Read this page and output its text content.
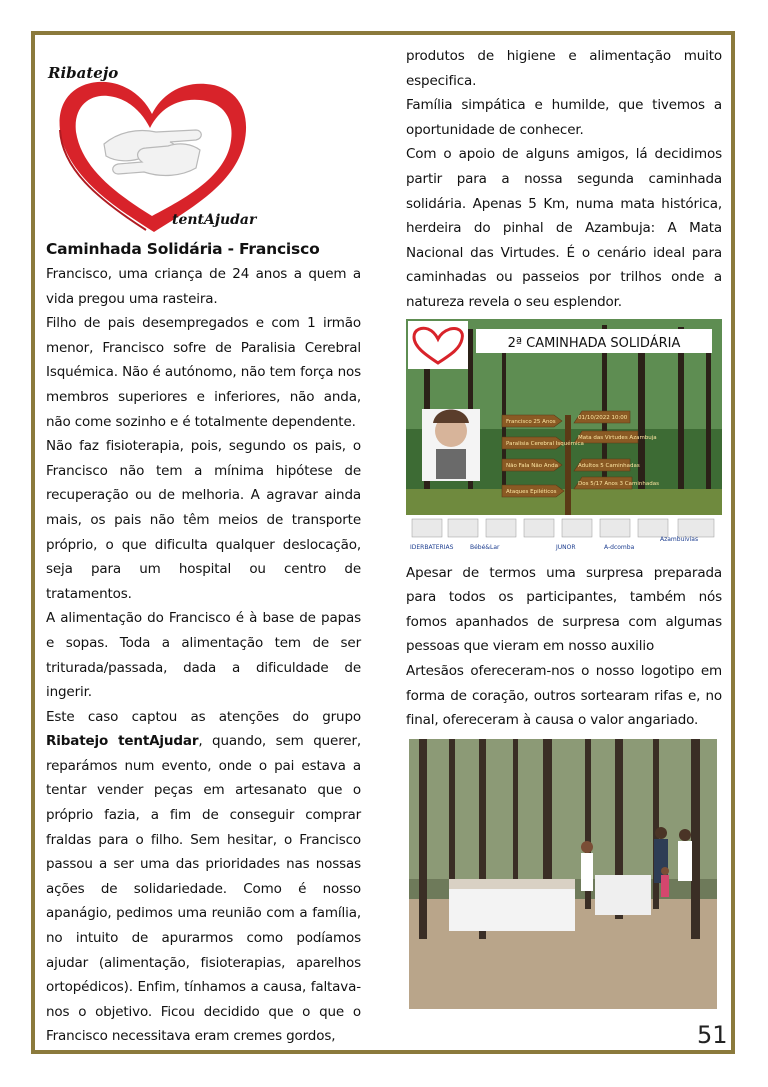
Ribatejo
tentAjudar
Caminhada Solidária - Francisco

Francisco, uma criança de 24 anos a quem a vida pregou uma rasteira.

Filho de pais desempregados e com 1 irmão menor, Francisco sofre de Paralisia Cerebral Isquémica. Não é autónomo, não tem força nos membros superiores e inferiores, não anda, não come sozinho e é totalmente dependente.

Não faz fisioterapia, pois, segundo os pais, o Francisco não tem a mínima hipótese de recuperação ou de melhoria. A agravar ainda mais, os pais não têm meios de transporte próprio, o que dificulta qualquer deslocação, seja para um hospital ou centro de tratamentos.

A alimentação do Francisco é à base de papas e sopas. Toda a alimentação tem de ser triturada/passada, dada a dificuldade de ingerir.

Este caso captou as atenções do grupo Ribatejo tentAjudar, quando, sem querer, reparámos num evento, onde o pai estava a tentar vender peças em artesanato que o próprio fazia, a fim de conseguir comprar fraldas para o filho. Sem hesitar, o Francisco passou a ser uma das prioridades nas nossas ações de solidariedade. Como é nosso apanágio, pedimos uma reunião com a família, no intuito de apurarmos como podíamos ajudar (alimentação, fisioterapias, aparelhos ortopédicos). Enfim, tínhamos a causa, faltava-nos o objetivo. Ficou decidido que o que o Francisco necessitava eram cremes gordos,

produtos de higiene e alimentação muito especifica.

Família simpática e humilde, que tivemos a oportunidade de conhecer.

Com o apoio de alguns amigos, lá decidimos partir para a nossa segunda caminhada solidária. Apenas 5 Km, numa mata histórica, herdeira do pinhal de Azambuja: A Mata Nacional das Virtudes. É o cenário ideal para caminhadas ou passeios por trilhos onde a natureza revela o seu esplendor.

2ª CAMINHADA SOLIDÁRIA
Francisco 25 Anos
Paralisia Cerebral Isquémica
Não Fala Não Anda
Ataques Epiléticos
01/10/2022 10:00
Mata das Virtudes Azambuja
Adultos 5 Caminhadas
Dos 5/17 Anos 3 Caminhadas
IDERBATERIAS	Bébé&Lar	JUNOR	A-dcomba
Azambuivías

Apesar de termos uma surpresa preparada para todos os participantes, também nós fomos apanhados de surpresa com algumas pessoas que vieram em nosso auxilio

Artesãos ofereceram-nos o nosso logotipo em forma de coração, outros sortearam rifas e, no final, ofereceram à causa o valor angariado.

51
